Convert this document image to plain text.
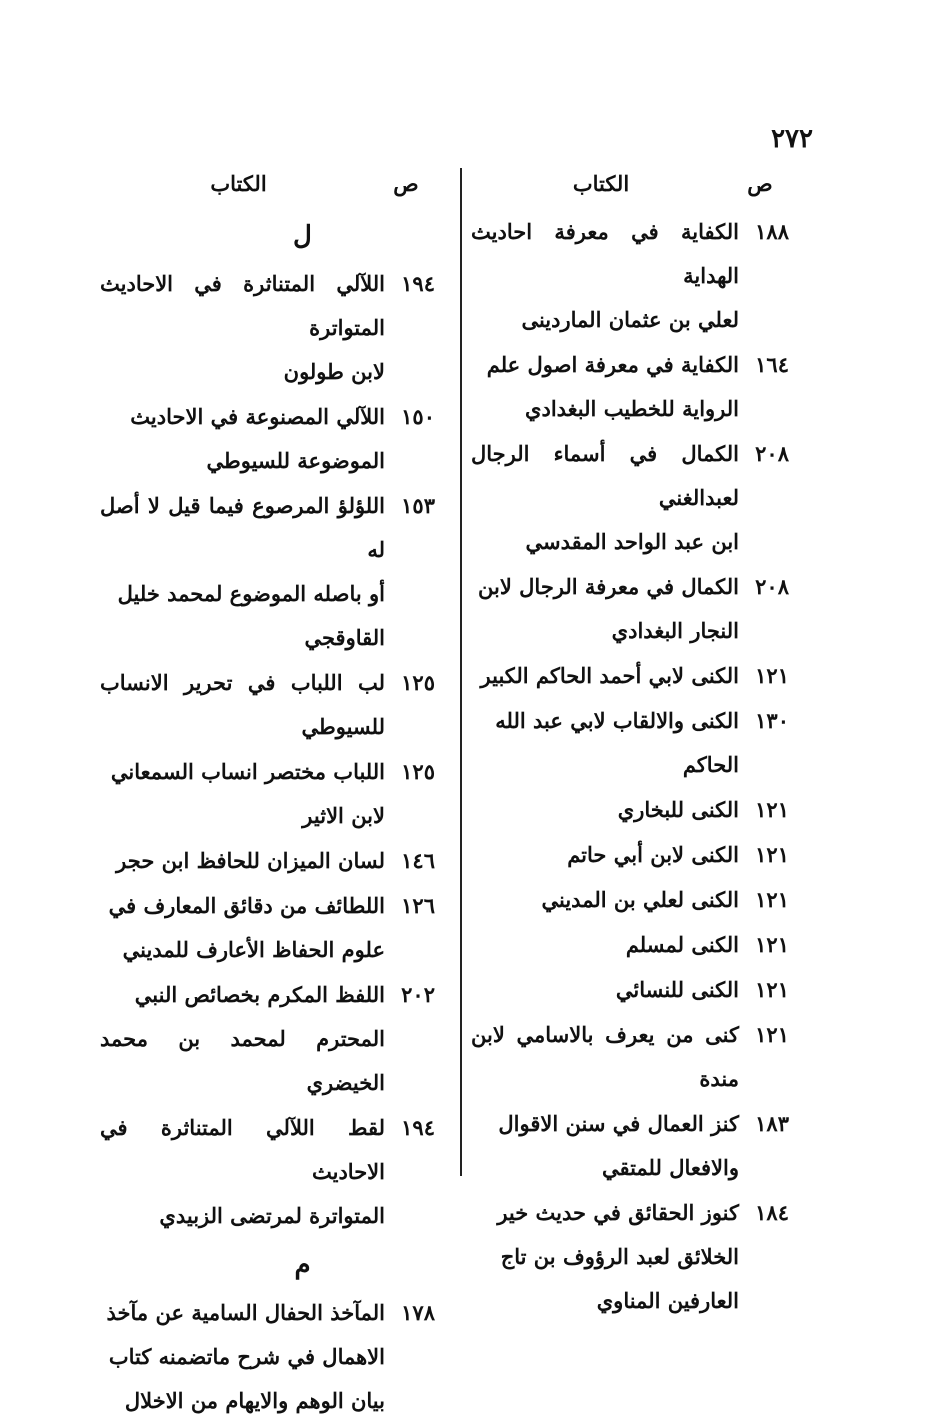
٢٧٢
ص
الكتاب
١٨٨
الكفاية في معرفة احاديث الهداية
لعلي بن عثمان الماردينى
١٦٤
الكفاية في معرفة اصول علم
الرواية للخطيب البغدادي
٢٠٨
الكمال في أسماء الرجال لعبدالغني
ابن عبد الواحد المقدسي
٢٠٨
الكمال في معرفة الرجال لابن
النجار البغدادي
١٢١
الكنى لابي أحمد الحاكم الكبير
١٣٠
الكنى والالقاب لابي عبد الله
الحاكم
١٢١
الكنى للبخاري
١٢١
الكنى لابن أبي حاتم
١٢١
الكنى لعلي بن المديني
١٢١
الكنى لمسلم
١٢١
الكنى للنسائي
١٢١
كنى من يعرف بالاسامي لابن مندة
١٨٣
كنز العمال في سنن الاقوال
والافعال للمتقي
١٨٤
كنوز الحقائق في حديث خير
الخلائق لعبد الرؤوف بن تاج
العارفين المناوي
ص
الكتاب
ل
١٩٤
اللآلي المتناثرة في الاحاديث المتواترة
لابن طولون
١٥٠
اللآلي المصنوعة في الاحاديث
الموضوعة للسيوطي
١٥٣
اللؤلؤ المرصوع فيما قيل لا أصل له
أو باصله الموضوع لمحمد خليل
القاوقجي
١٢٥
لب اللباب في تحرير الانساب للسيوطي
١٢٥
اللباب مختصر انساب السمعاني
لابن الاثير
١٤٦
لسان الميزان للحافظ ابن حجر
١٢٦
اللطائف من دقائق المعارف في
علوم الحفاظ الأعارف للمديني
٢٠٢
اللفظ المكرم بخصائص النبي
المحترم لمحمد بن محمد الخيضري
١٩٤
لقط اللآلي المتناثرة في الاحاديث
المتواترة لمرتضى الزبيدي
م
١٧٨
المآخذ الحفال السامية عن مآخذ
الاهمال في شرح ماتضمنه كتاب
بيان الوهم والايهام من الاخلال
